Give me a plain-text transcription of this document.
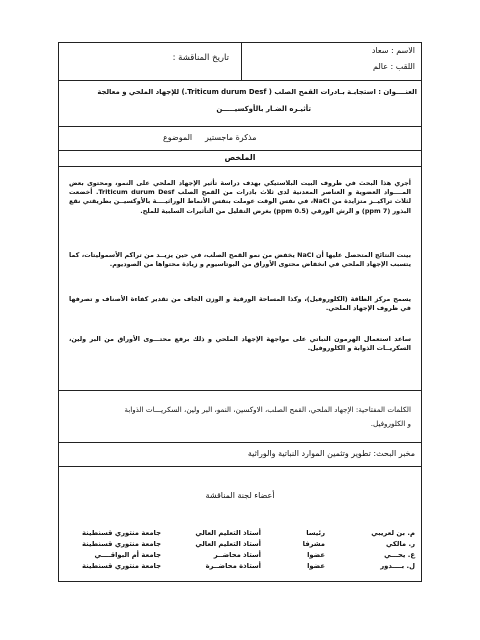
الاسم : سعاد
اللقب : عالم
تاريخ المناقشة :
العنــــوان : استجابـة بـادرات القمح الصلب ( Triticum durum Desf.) للإجهاد الملحي و معالجة
تأثيـره الضـار بالأوكسيـــــن
الموضوع مذكرة ماجستير
الملخص
أجري هذا البحث في ظروف البيت البلاستيكي بهدف دراسة تأثير الإجهاد الملحي على النمو، ومحتوى بعض المــــواد العضوية و العناصر المعدنية لدى ثلاث بادرات من القمح الصلب Triticum durum Desf. أخضعت لثلاث تراكيــز متزايدة من NaCl، في نفس الوقت عوملت بنفس الأنماط الوراثيــــة بالأوكسيــن بطريقتي نقع البذور (7 ppm) و الرش الورقي (0.5 ppm) بغرض التقليل من التأثيرات السلبية للملح.
بينت النتائج المتحصل عليها أن NaCl يخفض من نمو القمح الصلب، في حين يزيــد من تراكم الأسموليتات، كما يتسبب الإجهاد الملحي في انخفاض محتوى الأوراق من البوتاسيوم و زيادة محتواها من الصوديوم.
يسمح مركز الطاقة (الكلوروفيل)، وكذا المساحة الورقية و الوزن الجاف من تقدير كفاءة الأصناف و تصرفها في ظروف الإجهاد الملحي.
ساعد استعمال الهرمون النباتي على مواجهة الإجهاد الملحي و ذلك برفع محتـــوى الأوراق من البر ولين، السكريــات الذوابة و الكلوروفيل.
الكلمات المفتاحية: الإجهاد الملحي، القمح الصلب، الاوكسين، النمو، البر ولين، السكريـــات الذوابة
و الكلوروفيل.
مخبر البحث: تطوير وتثمين الموارد النباتية والوراثية
أعضاء لجنة المناقشة
م. بن لعريبي
رئيسا
أستاذ التعليم العالي
جامعة منتوري قسنطينة
ر. مالكي
مشرفا
أستاذ التعليم العالي
جامعة منتوري قسنطينة
ع. يحـــي
عضوا
أستاذ محاضــر
جامعة أم البواقــــي
ل. بــــدور
عضوا
أستاذة محاضــرة
جامعة منتوري قسنطينة
